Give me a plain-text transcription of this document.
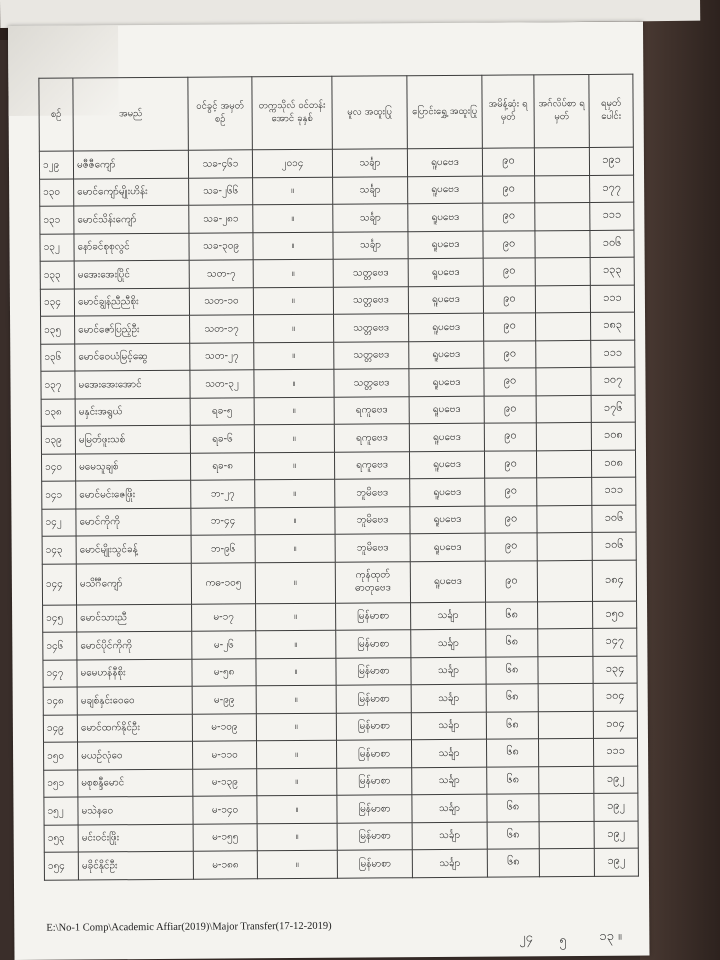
စဉ်	အမည်	ဝင်ခွင့် အမှတ်စဉ်	တက္ကသိုလ် ဝင်တန်းအောင် ခုနှစ်	မူလ အထူးပြု	ပြောင်းရွှေ့ အထူးပြု	အမိန့်ဆုံး ရမှတ်	အဂ်လိပ်စာ ရမှတ်	ရမှတ် ပေါင်း
၁၂၉	မဇီဇီကျော်	သခ-၄၆၁	၂၀၁၄	သင်္ချာ	ရူပဗေဒ	၉၀		၁၉၁
၁၃၀	မောင်ကျော်မျိုးဟိန်း	သခ-၂၆၆	။	သင်္ချာ	ရူပဗေဒ	၉၀		၁၇၇
၁၃၁	မောင်သိန်းကျော်	သခ-၂၈၁	။	သင်္ချာ	ရူပဗေဒ	၉၀		၁၁၁
၁၃၂	နော်ခင်စုစုလွင်	သခ-၃၀၉	။	သင်္ချာ	ရူပဗေဒ	၉၀		၁၀၆
၁၃၃	မအေးအေးပြိုင်	သတ-၇	။	သတ္တဗေဒ	ရူပဗေဒ	၉၀		၁၃၃
၁၃၄	မောင်ချွန်ညီညီစိုး	သတ-၁၀	။	သတ္တဗေဒ	ရူပဗေဒ	၉၀		၁၁၁
၁၃၅	မောင်ဇော်ပြည့်ဦး	သတ-၁၇	။	သတ္တဗေဒ	ရူပဗေဒ	၉၀		၁၈၃
၁၃၆	မောင်ဝေယံမြင့်ဆွေ	သတ-၂၇	။	သတ္တဗေဒ	ရူပဗေဒ	၉၀		၁၁၁
၁၃၇	မအေးအေးအောင်	သတ-၃၂	။	သတ္တဗေဒ	ရူပဗေဒ	၉၀		၁၀၇
၁၃၈	မနှင်းအရွယ်	ရခ-၅	။	ရကူဗေဒ	ရူပဗေဒ	၉၀		၁၇၆
၁၃၉	မမြတ်ဖူးသစ်	ရခ-၆	။	ရကူဗေဒ	ရူပဗေဒ	၉၀		၁၀၈
၁၄၀	မမေသူချစ်	ရခ-၈	။	ရကူဗေဒ	ရူပဗေဒ	၉၀		၁၀၈
၁၄၁	မောင်မင်းဇေဖြိုး	ဘ-၂၇	။	ဘူမိဗေဒ	ရူပဗေဒ	၉၀		၁၁၁
၁၄၂	မောင်ကိုကို	ဘ-၄၄	။	ဘူမိဗေဒ	ရူပဗေဒ	၉၀		၁၀၆
၁၄၃	မောင်မျိုးသွင်ခန့်	ဘ-၉၆	။	ဘူမိဗေဒ	ရူပဗေဒ	၉၀		၁၀၆
၁၄၄	မသိင်္ဂီကျော်	ကဓ-၁၀၅	။	ကုန်ထုတ် ဓာတုဗေဒ	ရူပဗေဒ	၉၀		၁၈၄
၁၄၅	မောင်သားညီ	မ-၁၇	။	မြန်မာစာ	သင်္ချာ	၆၈		၁၅၀
၁၄၆	မောင်ပိုင်ကိုကို	မ-၂၆	။	မြန်မာစာ	သင်္ချာ	၆၈		၁၄၇
၁၄၇	မမေဟန်နီစိုး	မ-၅၈	။	မြန်မာစာ	သင်္ချာ	၆၈		၁၃၄
၁၄၈	မချစ်နှင်းဝေဝေ	မ-၉၉	။	မြန်မာစာ	သင်္ချာ	၆၈		၁၀၄
၁၄၉	မောင်ထက်နိုင်ဦး	မ-၁၀၉	။	မြန်မာစာ	သင်္ချာ	၆၈		၁၀၄
၁၅၀	မယဉ်လုံဝေ	မ-၁၁၀	။	မြန်မာစာ	သင်္ချာ	၆၈		၁၁၁
၁၅၁	မစုစန္ဒီမောင်	မ-၁၃၉	။	မြန်မာစာ	သင်္ချာ	၆၈		၁၉၂
၁၅၂	မသဲနဝေ	မ-၁၄၀	။	မြန်မာစာ	သင်္ချာ	၆၈		၁၉၂
၁၅၃	မင်းဝင်းဖြိုး	မ-၁၅၅	။	မြန်မာစာ	သင်္ချာ	၆၈		၁၉၂
၁၅၄	မခိုင်နိုင်ဦး	မ-၁၈၈	။	မြန်မာစာ	သင်္ချာ	၆၈		၁၉၂
E:\No-1 Comp\Academic Affiar(2019)\Major Transfer(17-12-2019)
၂၄ ၅	၁၃ ။
